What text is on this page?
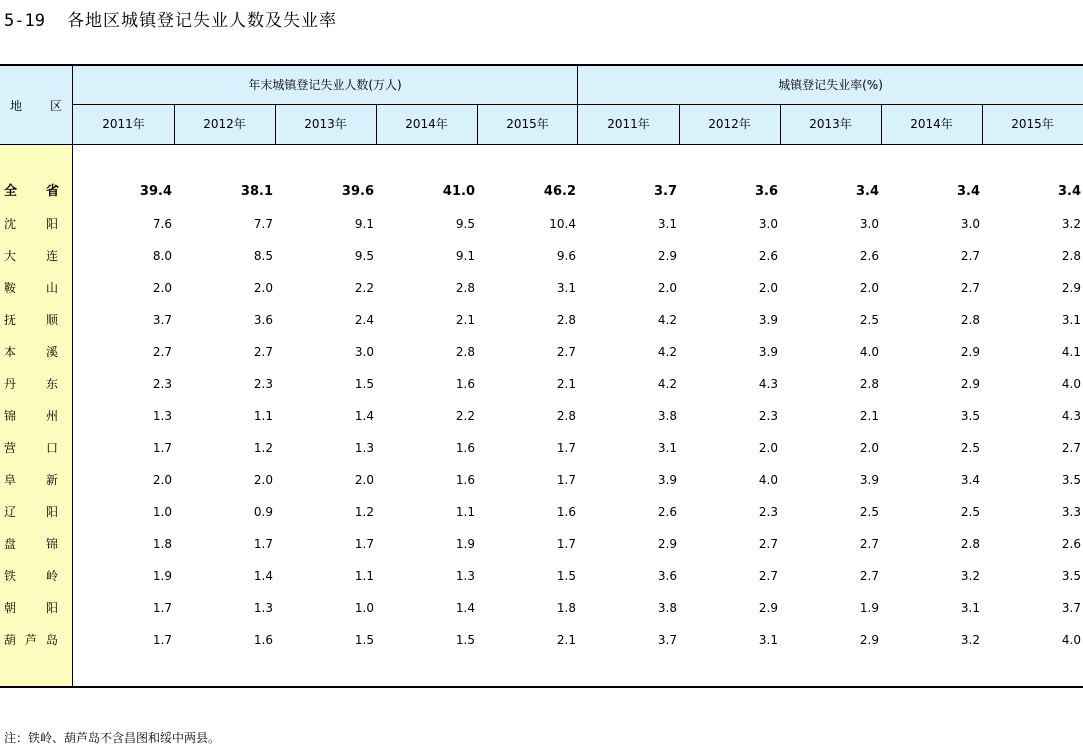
5-19 各地区城镇登记失业人数及失业率
地 区
年末城镇登记失业人数(万人)	城镇登记失业率(%)
2011年	2012年	2013年	2014年	2015年	2011年	2012年	2013年	2014年	2015年
全 省	39.4	38.1	39.6	41.0	46.2	3.7	3.6	3.4	3.4	3.4
沈 阳	7.6	7.7	9.1	9.5	10.4	3.1	3.0	3.0	3.0	3.2
大 连	8.0	8.5	9.5	9.1	9.6	2.9	2.6	2.6	2.7	2.8
鞍 山	2.0	2.0	2.2	2.8	3.1	2.0	2.0	2.0	2.7	2.9
抚 顺	3.7	3.6	2.4	2.1	2.8	4.2	3.9	2.5	2.8	3.1
本 溪	2.7	2.7	3.0	2.8	2.7	4.2	3.9	4.0	2.9	4.1
丹 东	2.3	2.3	1.5	1.6	2.1	4.2	4.3	2.8	2.9	4.0
锦 州	1.3	1.1	1.4	2.2	2.8	3.8	2.3	2.1	3.5	4.3
营 口	1.7	1.2	1.3	1.6	1.7	3.1	2.0	2.0	2.5	2.7
阜 新	2.0	2.0	2.0	1.6	1.7	3.9	4.0	3.9	3.4	3.5
辽 阳	1.0	0.9	1.2	1.1	1.6	2.6	2.3	2.5	2.5	3.3
盘 锦	1.8	1.7	1.7	1.9	1.7	2.9	2.7	2.7	2.8	2.6
铁 岭	1.9	1.4	1.1	1.3	1.5	3.6	2.7	2.7	3.2	3.5
朝 阳	1.7	1.3	1.0	1.4	1.8	3.8	2.9	1.9	3.1	3.7
葫 芦 岛	1.7	1.6	1.5	1.5	2.1	3.7	3.1	2.9	3.2	4.0
注：铁岭、葫芦岛不含昌图和绥中两县。
